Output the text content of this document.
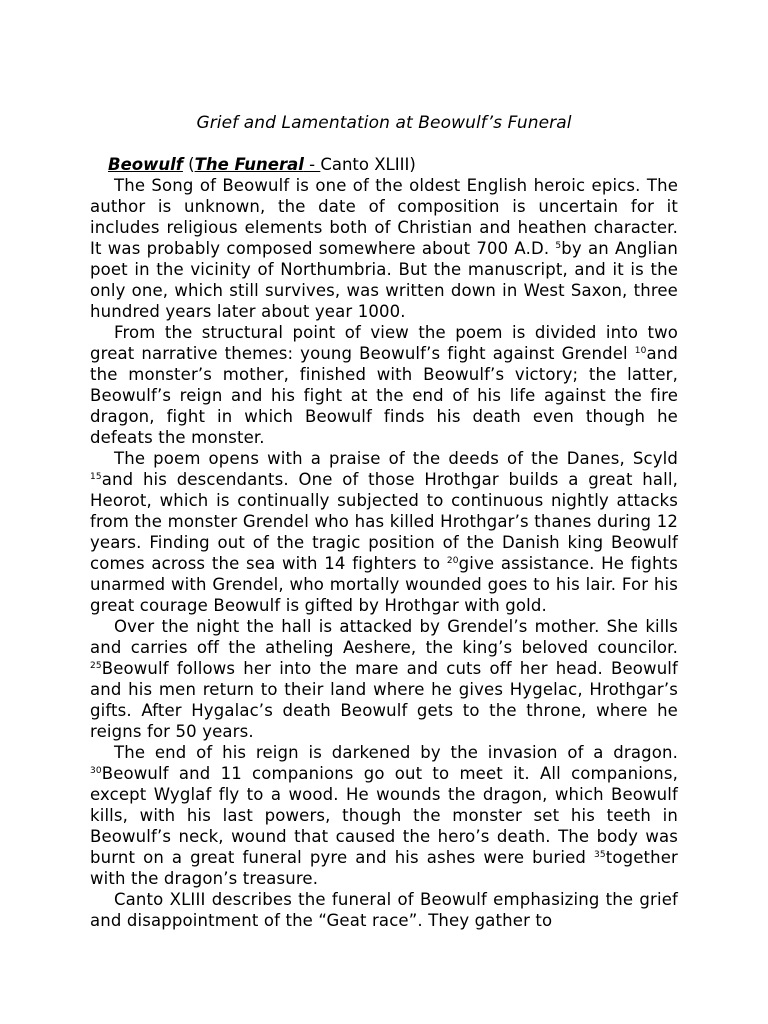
Grief and Lamentation at Beowulf’s Funeral

Beowulf (The Funeral - Canto XLIII)

The Song of Beowulf is one of the oldest English heroic epics. The author is unknown, the date of composition is uncertain for it includes religious elements both of Christian and heathen character. It was probably composed somewhere about 700 A.D. $^5$by an Anglian poet in the vicinity of Northumbria. But the manuscript, and it is the only one, which still survives, was written down in West Saxon, three hundred years later about year 1000.

From the structural point of view the poem is divided into two great narrative themes: young Beowulf’s fight against Grendel $^{10}$and the monster’s mother, finished with Beowulf’s victory; the latter, Beowulf’s reign and his fight at the end of his life against the fire dragon, fight in which Beowulf finds his death even though he defeats the monster.

The poem opens with a praise of the deeds of the Danes, Scyld $^{15}$and his descendants. One of those Hrothgar builds a great hall, Heorot, which is continually subjected to continuous nightly attacks from the monster Grendel who has killed Hrothgar’s thanes during 12 years. Finding out of the tragic position of the Danish king Beowulf comes across the sea with 14 fighters to $^{20}$give assistance. He fights unarmed with Grendel, who mortally wounded goes to his lair. For his great courage Beowulf is gifted by Hrothgar with gold.

Over the night the hall is attacked by Grendel’s mother. She kills and carries off the atheling Aeshere, the king’s beloved councilor. $^{25}$Beowulf follows her into the mare and cuts off her head. Beowulf and his men return to their land where he gives Hygelac, Hrothgar’s gifts. After Hygalac’s death Beowulf gets to the throne, where he reigns for 50 years.

The end of his reign is darkened by the invasion of a dragon. $^{30}$Beowulf and 11 companions go out to meet it. All companions, except Wyglaf fly to a wood. He wounds the dragon, which Beowulf kills, with his last powers, though the monster set his teeth in Beowulf’s neck, wound that caused the hero’s death. The body was burnt on a great funeral pyre and his ashes were buried $^{35}$together with the dragon’s treasure.

Canto XLIII describes the funeral of Beowulf emphasizing the grief and disappointment of the “Geat race”. They gather to
